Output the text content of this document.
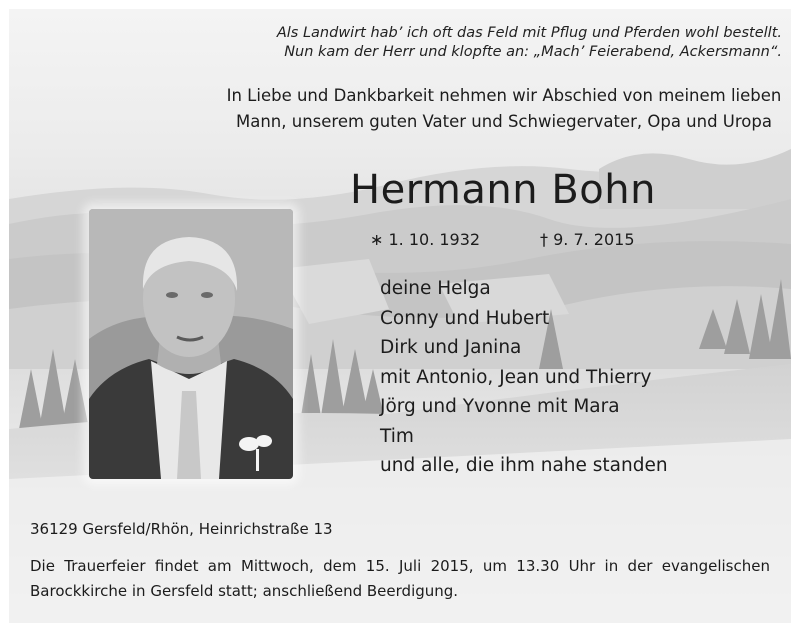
Als Landwirt hab’ ich oft das Feld mit Pflug und Pferden wohl bestellt.
Nun kam der Herr und klopfte an: „Mach’ Feierabend, Ackersmann“.
In Liebe und Dankbarkeit nehmen wir Abschied von meinem lieben
Mann, unserem guten Vater und Schwiegervater, Opa und Uropa
Hermann Bohn
∗ 1. 10. 1932	† 9. 7. 2015
deine Helga
Conny und Hubert
Dirk und Janina
mit Antonio, Jean und Thierry
Jörg und Yvonne mit Mara
Tim
und alle, die ihm nahe standen
36129 Gersfeld/Rhön, Heinrichstraße 13
Die Trauerfeier findet am Mittwoch, dem 15. Juli 2015, um 13.30 Uhr in der evangelischen Barockkirche in Gersfeld statt; anschließend Beerdigung.
